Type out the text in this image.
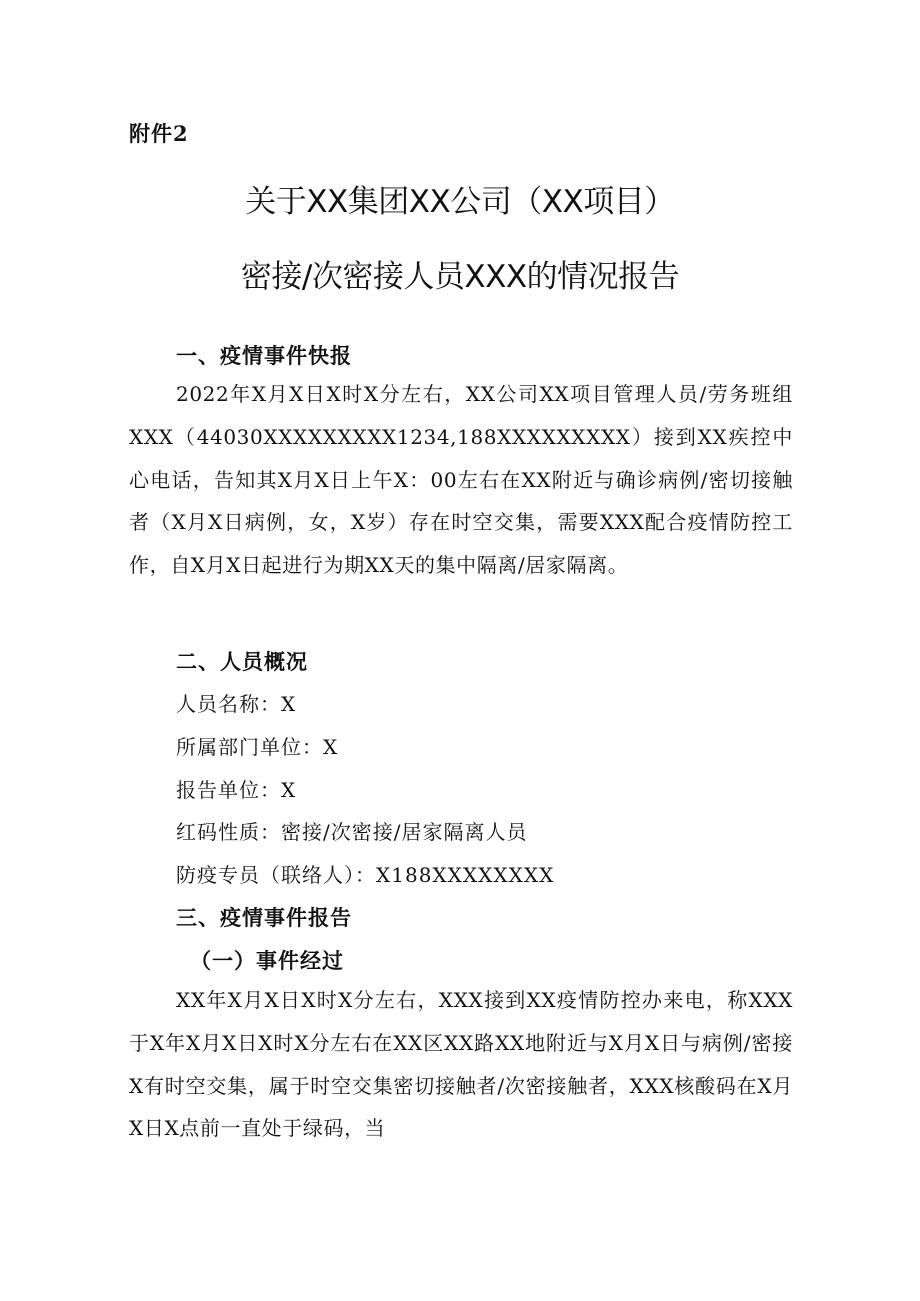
附件2
关于XX集团XX公司（XX项目）
密接/次密接人员XXX的情况报告
一、疫情事件快报
2022年X月X日X时X分左右，XX公司XX项目管理人员/劳务班组XXX（44030XXXXXXXXX1234,188XXXXXXXXX）接到XX疾控中心电话，告知其X月X日上午X：00左右在XX附近与确诊病例/密切接触者（X月X日病例，女，X岁）存在时空交集，需要XXX配合疫情防控工作，自X月X日起进行为期XX天的集中隔离/居家隔离。
二、人员概况
人员名称：X
所属部门单位：X
报告单位：X
红码性质：密接/次密接/居家隔离人员
防疫专员（联络人）：X188XXXXXXXX
三、疫情事件报告
（一）事件经过
XX年X月X日X时X分左右，XXX接到XX疫情防控办来电，称XXX于X年X月X日X时X分左右在XX区XX路XX地附近与X月X日与病例/密接X有时空交集，属于时空交集密切接触者/次密接触者，XXX核酸码在X月X日X点前一直处于绿码，当
